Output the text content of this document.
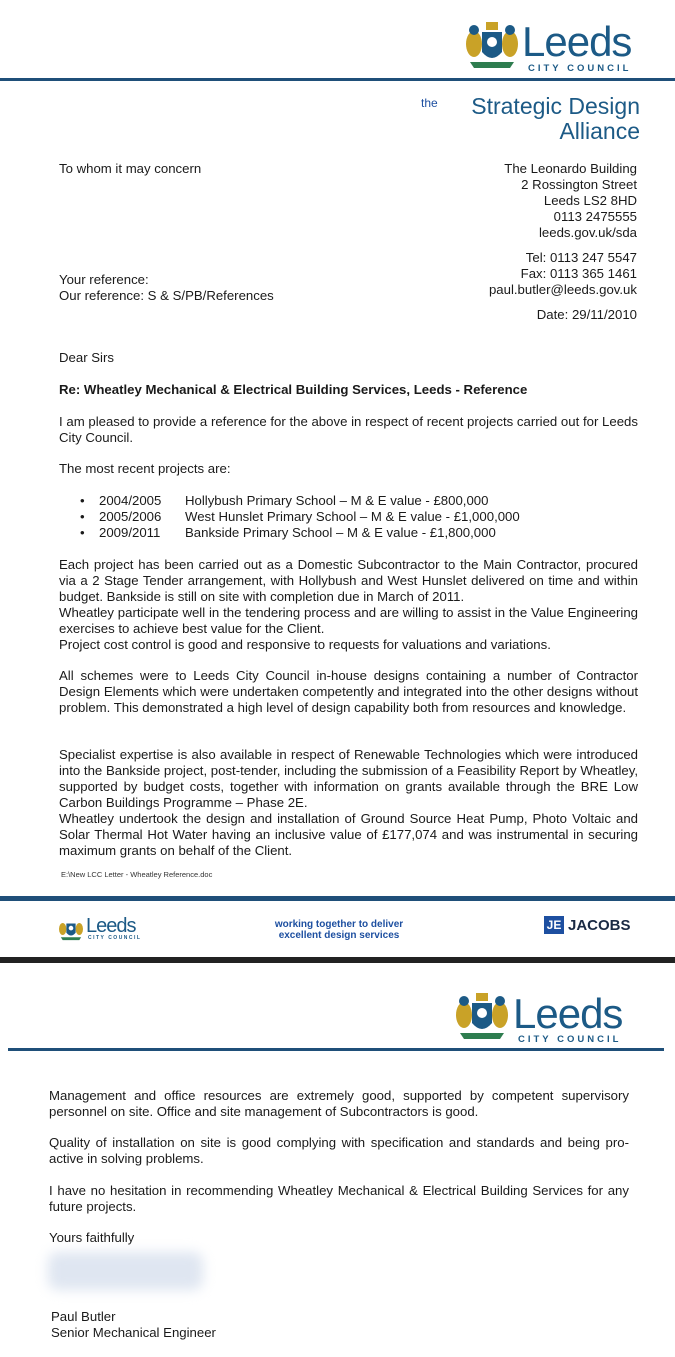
Leeds
CITY COUNCIL
the Strategic Design
Alliance
To whom it may concern	The Leonardo Building
2 Rossington Street
Leeds LS2 8HD
0113 2475555
leeds.gov.uk/sda
Tel: 0113 247 5547
Fax: 0113 365 1461
paul.butler@leeds.gov.uk
Date: 29/11/2010
Your reference:
Our reference: S & S/PB/References
Dear Sirs
Re: Wheatley Mechanical & Electrical Building Services, Leeds - Reference
I am pleased to provide a reference for the above in respect of recent projects carried out for Leeds City Council.
The most recent projects are:
• 2004/2005 Hollybush Primary School – M & E value - £800,000
• 2005/2006 West Hunslet Primary School – M & E value - £1,000,000
• 2009/2011 Bankside Primary School – M & E value - £1,800,000
Each project has been carried out as a Domestic Subcontractor to the Main Contractor, procured via a 2 Stage Tender arrangement, with Hollybush and West Hunslet delivered on time and within budget. Bankside is still on site with completion due in March of 2011.
Wheatley participate well in the tendering process and are willing to assist in the Value Engineering exercises to achieve best value for the Client.
Project cost control is good and responsive to requests for valuations and variations.
All schemes were to Leeds City Council in-house designs containing a number of Contractor Design Elements which were undertaken competently and integrated into the other designs without problem. This demonstrated a high level of design capability both from resources and knowledge.
Specialist expertise is also available in respect of Renewable Technologies which were introduced into the Bankside project, post-tender, including the submission of a Feasibility Report by Wheatley, supported by budget costs, together with information on grants available through the BRE Low Carbon Buildings Programme – Phase 2E.
Wheatley undertook the design and installation of Ground Source Heat Pump, Photo Voltaic and Solar Thermal Hot Water having an inclusive value of £177,074 and was instrumental in securing maximum grants on behalf of the Client.
E:\New LCC Letter - Wheatley Reference.doc
Leeds
CITY COUNCIL
working together to deliver
excellent design services
JE JACOBS
Leeds
CITY COUNCIL
Management and office resources are extremely good, supported by competent supervisory personnel on site. Office and site management of Subcontractors is good.
Quality of installation on site is good complying with specification and standards and being pro-active in solving problems.
I have no hesitation in recommending Wheatley Mechanical & Electrical Building Services for any future projects.
Yours faithfully
Paul Butler
Senior Mechanical Engineer
